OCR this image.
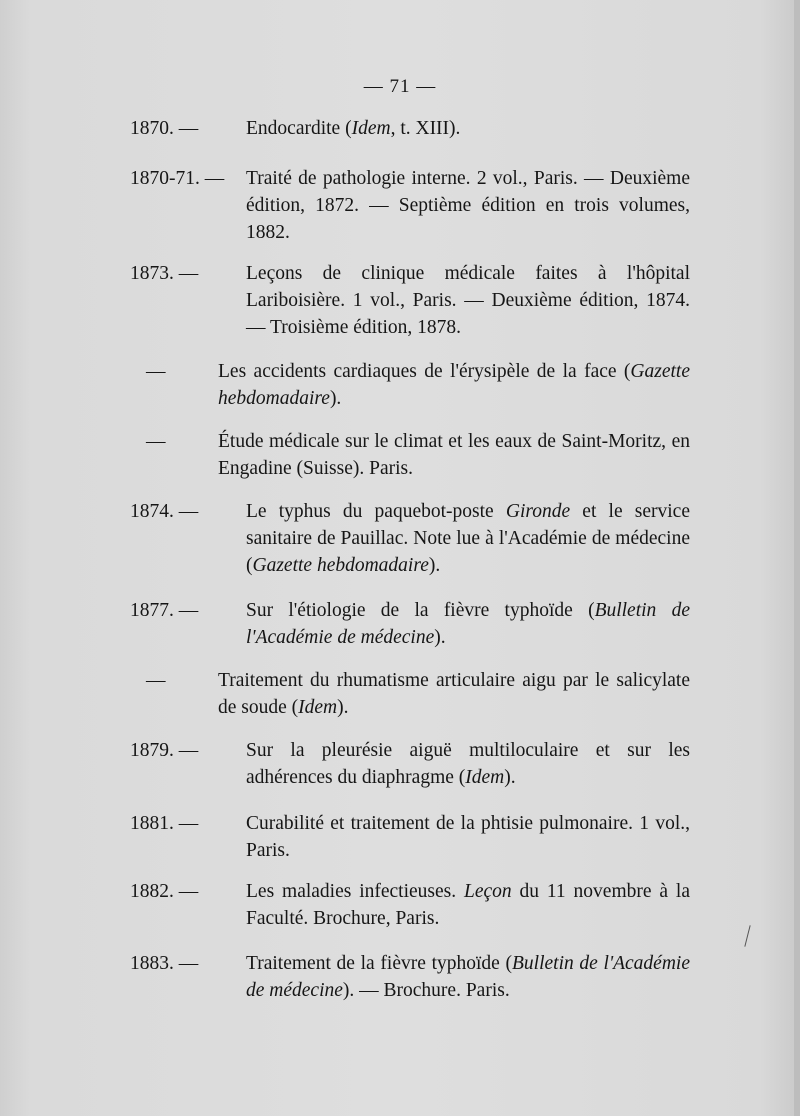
— 71 —
1870. — Endocardite (Idem, t. XIII).
1870-71. — Traité de pathologie interne. 2 vol., Paris. — Deuxième édition, 1872. — Septième édition en trois volumes, 1882.
1873. — Leçons de clinique médicale faites à l'hôpital Lariboisière. 1 vol., Paris. — Deuxième édition, 1874. — Troisième édition, 1878.
—	Les accidents cardiaques de l'érysipèle de la face (Gazette hebdomadaire).
—	Étude médicale sur le climat et les eaux de Saint-Moritz, en Engadine (Suisse). Paris.
1874. — Le typhus du paquebot-poste Gironde et le service sanitaire de Pauillac. Note lue à l'Académie de médecine (Gazette hebdomadaire).
1877. — Sur l'étiologie de la fièvre typhoïde (Bulletin de l'Académie de médecine).
—	Traitement du rhumatisme articulaire aigu par le salicylate de soude (Idem).
1879. — Sur la pleurésie aiguë multiloculaire et sur les adhérences du diaphragme (Idem).
1881. — Curabilité et traitement de la phtisie pulmonaire. 1 vol., Paris.
1882. — Les maladies infectieuses. Leçon du 11 novembre à la Faculté. Brochure, Paris.
1883. — Traitement de la fièvre typhoïde (Bulletin de l'Académie de médecine). — Brochure. Paris.
